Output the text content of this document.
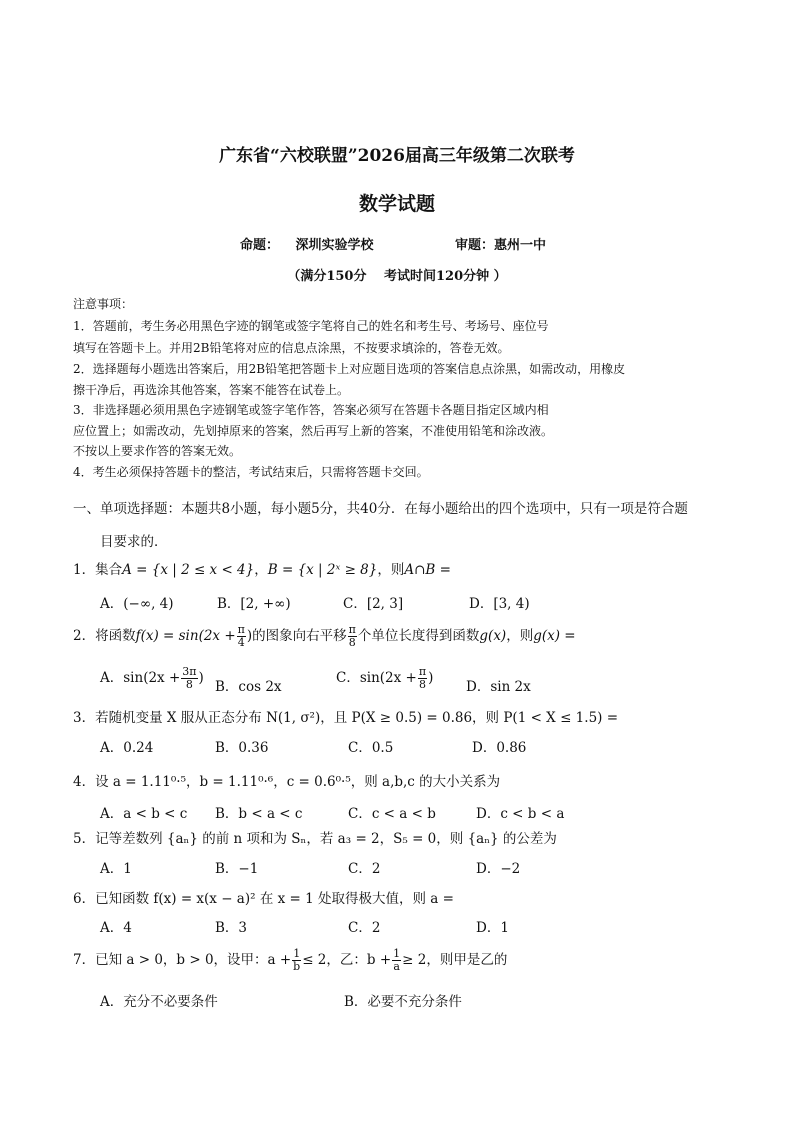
广东省“六校联盟”2026届高三年级第二次联考
数学试题
命题： 深圳实验学校	审题：惠州一中
（满分150分　 考试时间120分钟 ）
注意事项：
1．答题前，考生务必用黑色字迹的钢笔或签字笔将自己的姓名和考生号、考场号、座位号
填写在答题卡上。并用2B铅笔将对应的信息点涂黑，不按要求填涂的，答卷无效。
2．选择题每小题选出答案后，用2B铅笔把答题卡上对应题目选项的答案信息点涂黑，如需改动，用橡皮
擦干净后，再选涂其他答案，答案不能答在试卷上。
3．非选择题必须用黑色字迹钢笔或签字笔作答，答案必须写在答题卡各题目指定区域内相
应位置上；如需改动，先划掉原来的答案，然后再写上新的答案，不准使用铅笔和涂改液。
不按以上要求作答的答案无效。
4．考生必须保持答题卡的整洁，考试结束后，只需将答题卡交回。
一、单项选择题：本题共8小题，每小题5分，共40分．在每小题给出的四个选项中，只有一项是符合题
目要求的．
1．集合A = {x | 2 ≤ x < 4}，B = {x | 2ˣ ≥ 8}，则A∩B =
A．(−∞, 4)	B．[2, +∞)	C．[2, 3]	D．[3, 4)
2．将函数$f(x) = \sin(2x + \frac{\pi}{4}$ )的图象向右平移 $\frac{\pi}{8}$ 个单位长度得到函数g(x)，则g(x) =
A．$\sin(2x + \frac{3\pi}{8}$ )
B．cos 2x
C．$\sin(2x + \frac{\pi}{8}$ )
D．sin 2x
3．若随机变量 X 服从正态分布 N(1, σ²)，且 P(X ≥ 0.5) = 0.86，则 P(1 < X ≤ 1.5) =
A．0.24	B．0.36	C．0.5	D．0.86
4．设 a = 1.11⁰·⁵，b = 1.11⁰·⁶，c = 0.6⁰·⁵，则 a,b,c 的大小关系为
A．a < b < c B．b < a < c	C．c < a < b	D．c < b < a
5．记等差数列 {aₙ} 的前 n 项和为 Sₙ，若 a₃ = 2，S₅ = 0，则 {aₙ} 的公差为
A．1	B．−1	C．2	D．−2
6．已知函数 f(x) = x(x − a)² 在 x = 1 处取得极大值，则 a =
A．4	B．3	C．2	D．1
7．已知 a > 0，b > 0，设甲：$a + \frac{1}{b} \le 2$，乙：$b + \frac{1}{a} \ge 2$，则甲是乙的
A．充分不必要条件	B．必要不充分条件
